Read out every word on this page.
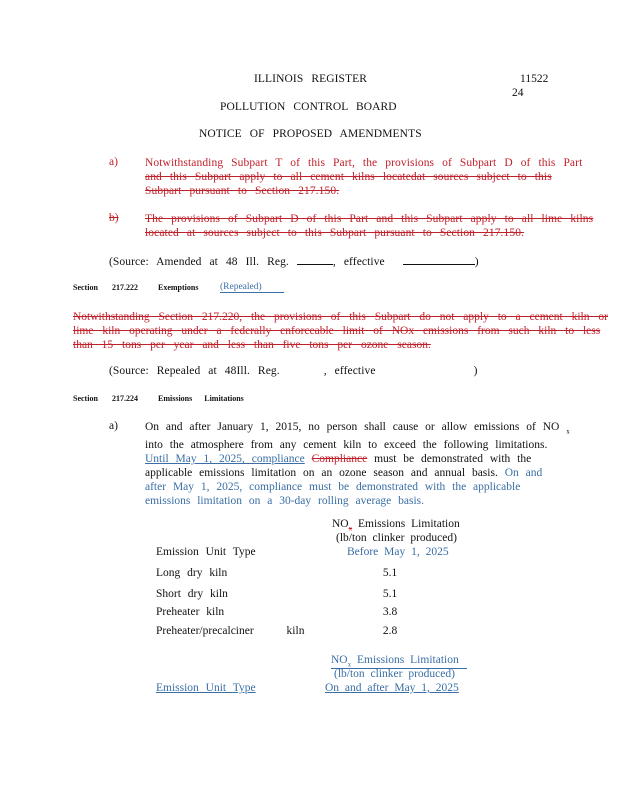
ILLINOIS REGISTER	11522
24
POLLUTION CONTROL BOARD
NOTICE OF PROPOSED AMENDMENTS
a) Notwithstanding Subpart T of this Part, the provisions of Subpart D of this Part
and this Subpart apply to all cement kilns locatedat sources subject to this
Subpart pursuant to Section 217.150.
b) The provisions of Subpart D of this Part and this Subpart apply to all lime kilns
located at sources subject to this Subpart pursuant to Section 217.150.
(Source: Amended at 48 Ill. Reg.	, effective	)
Section 217.222	Exemptions (Repealed)
Notwithstanding Section 217.220, the provisions of this Subpart do not apply to a cement kiln or
lime kiln operating under a federally enforceable limit of NOx emissions from such kiln to less
than 15 tons per year and less than five tons per ozone season.
(Source: Repealed at 48Ill. Reg.	, effective	)
Section 217.224	Emissions Limitations
a) On and after January 1, 2015, no person shall cause or allow emissions of NO $_x$
into the atmosphere from any cement kiln to exceed the following limitations.
Until May 1, 2025, compliance Compliance must be demonstrated with the
applicable emissions limitation on an ozone season and annual basis. On and
after May 1, 2025, compliance must be demonstrated with the applicable
emissions limitation on a 30-day rolling average basis.
$NO_x$ Emissions Limitation
(lb/ton clinker produced)
Before May 1, 2025
Emission Unit Type
Long dry kiln	5.1
Short dry kiln	5.1
Preheater kiln	3.8
Preheater/precalciner kiln	2.8
$NO_x$ Emissions Limitation
(lb/ton clinker produced)
On and after May 1, 2025
Emission Unit Type
